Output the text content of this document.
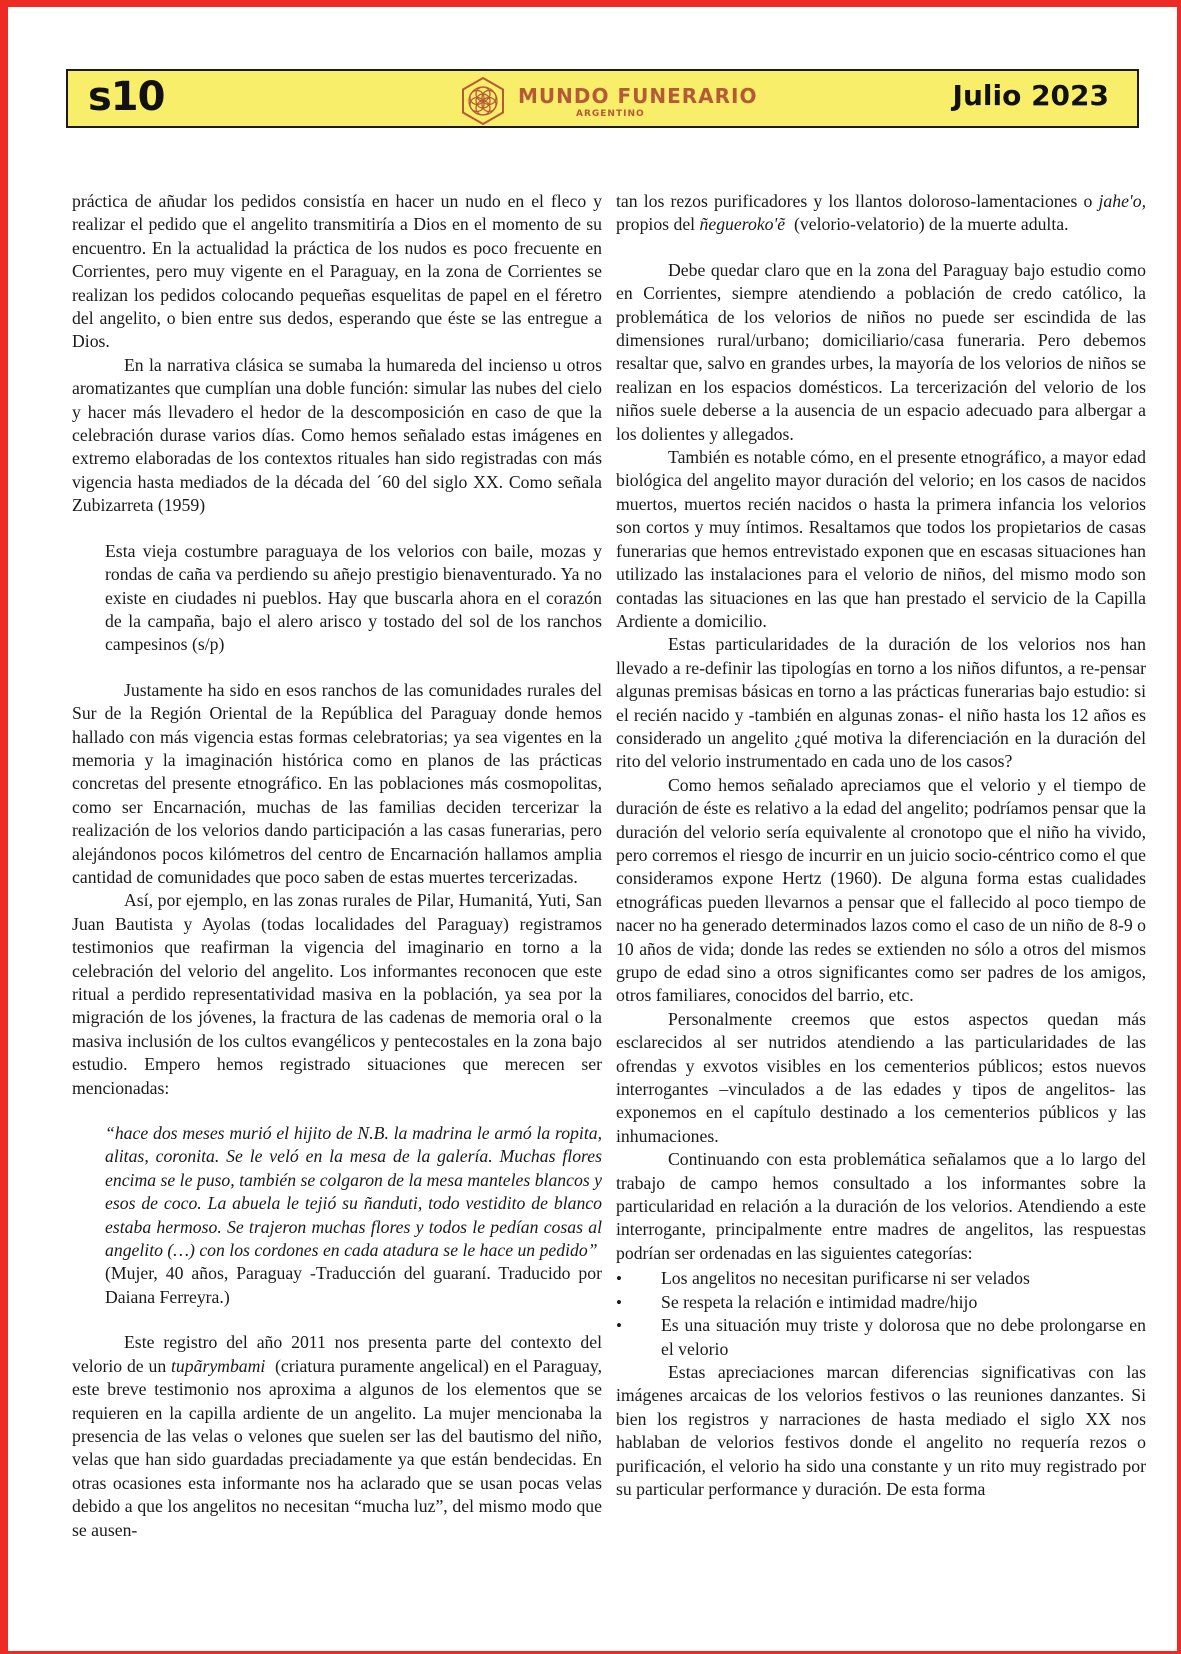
s10	MUNDO FUNERARIO
ARGENTINO
Julio 2023

práctica de añudar los pedidos consistía en hacer un nudo en el fleco y realizar el pedido que el angelito transmitiría a Dios en el momento de su encuentro. En la actualidad la práctica de los nudos es poco frecuente en Corrientes, pero muy vigente en el Paraguay, en la zona de Corrientes se realizan los pedidos colocando pequeñas esquelitas de papel en el féretro del angelito, o bien entre sus dedos, esperando que éste se las entregue a Dios.

En la narrativa clásica se sumaba la humareda del incienso u otros aromatizantes que cumplían una doble función: simular las nubes del cielo y hacer más llevadero el hedor de la descomposición en caso de que la celebración durase varios días. Como hemos señalado estas imágenes en extremo elaboradas de los contextos rituales han sido registradas con más vigencia hasta mediados de la década del ´60 del siglo XX. Como señala Zubizarreta (1959)

Esta vieja costumbre paraguaya de los velorios con baile, mozas y rondas de caña va perdiendo su añejo prestigio bienaventurado. Ya no existe en ciudades ni pueblos. Hay que buscarla ahora en el corazón de la campaña, bajo el alero arisco y tostado del sol de los ranchos campesinos (s/p)

Justamente ha sido en esos ranchos de las comunidades rurales del Sur de la Región Oriental de la República del Paraguay donde hemos hallado con más vigencia estas formas celebratorias; ya sea vigentes en la memoria y la imaginación histórica como en planos de las prácticas concretas del presente etnográfico. En las poblaciones más cosmopolitas, como ser Encarnación, muchas de las familias deciden tercerizar la realización de los velorios dando participación a las casas funerarias, pero alejándonos pocos kilómetros del centro de Encarnación hallamos amplia cantidad de comunidades que poco saben de estas muertes tercerizadas.

Así, por ejemplo, en las zonas rurales de Pilar, Humanitá, Yuti, San Juan Bautista y Ayolas (todas localidades del Paraguay) registramos testimonios que reafirman la vigencia del imaginario en torno a la celebración del velorio del angelito. Los informantes reconocen que este ritual a perdido representatividad masiva en la población, ya sea por la migración de los jóvenes, la fractura de las cadenas de memoria oral o la masiva inclusión de los cultos evangélicos y pentecostales en la zona bajo estudio. Empero hemos registrado situaciones que merecen ser mencionadas:

“hace dos meses murió el hijito de N.B. la madrina le armó la ropita, alitas, coronita. Se le veló en la mesa de la galería. Muchas flores encima se le puso, también se colgaron de la mesa manteles blancos y esos de coco. La abuela le tejió su ñanduti, todo vestidito de blanco estaba hermoso. Se trajeron muchas flores y todos le pedían cosas al angelito (…) con los cordones en cada atadura se le hace un pedido”

(Mujer, 40 años, Paraguay -Traducción del guaraní. Traducido por Daiana Ferreyra.)

Este registro del año 2011 nos presenta parte del contexto del velorio de un tupãrymbami  (criatura puramente angelical) en el Paraguay, este breve testimonio nos aproxima a algunos de los elementos que se requieren en la capilla ardiente de un angelito. La mujer mencionaba la presencia de las velas o velones que suelen ser las del bautismo del niño, velas que han sido guardadas preciadamente ya que están bendecidas. En otras ocasiones esta informante nos ha aclarado que se usan pocas velas debido a que los angelitos no necesitan “mucha luz”, del mismo modo que se ausen-

tan los rezos purificadores y los llantos doloroso-lamentaciones o jahe'o, propios del ñegueroko'ẽ  (velorio-velatorio) de la muerte adulta.

Debe quedar claro que en la zona del Paraguay bajo estudio como en Corrientes, siempre atendiendo a población de credo católico, la problemática de los velorios de niños no puede ser escindida de las dimensiones rural/urbano; domiciliario/casa funeraria. Pero debemos resaltar que, salvo en grandes urbes, la mayoría de los velorios de niños se realizan en los espacios domésticos. La tercerización del velorio de los niños suele deberse a la ausencia de un espacio adecuado para albergar a los dolientes y allegados.

También es notable cómo, en el presente etnográfico, a mayor edad biológica del angelito mayor duración del velorio; en los casos de nacidos muertos, muertos recién nacidos o hasta la primera infancia los velorios son cortos y muy íntimos. Resaltamos que todos los propietarios de casas funerarias que hemos entrevistado exponen que en escasas situaciones han utilizado las instalaciones para el velorio de niños, del mismo modo son contadas las situaciones en las que han prestado el servicio de la Capilla Ardiente a domicilio.

Estas particularidades de la duración de los velorios nos han llevado a re-definir las tipologías en torno a los niños difuntos, a re-pensar algunas premisas básicas en torno a las prácticas funerarias bajo estudio: si el recién nacido y -también en algunas zonas- el niño hasta los 12 años es considerado un angelito ¿qué motiva la diferenciación en la duración del rito del velorio instrumentado en cada uno de los casos?

Como hemos señalado apreciamos que el velorio y el tiempo de duración de éste es relativo a la edad del angelito; podríamos pensar que la duración del velorio sería equivalente al cronotopo que el niño ha vivido, pero corremos el riesgo de incurrir en un juicio socio-céntrico como el que consideramos expone Hertz (1960). De alguna forma estas cualidades etnográficas pueden llevarnos a pensar que el fallecido al poco tiempo de nacer no ha generado determinados lazos como el caso de un niño de 8-9 o 10 años de vida; donde las redes se extienden no sólo a otros del mismos grupo de edad sino a otros significantes como ser padres de los amigos, otros familiares, conocidos del barrio, etc.

Personalmente creemos que estos aspectos quedan más esclarecidos al ser nutridos atendiendo a las particularidades de las ofrendas y exvotos visibles en los cementerios públicos; estos nuevos interrogantes –vinculados a de las edades y tipos de angelitos- las exponemos en el capítulo destinado a los cementerios públicos y las inhumaciones.

Continuando con esta problemática señalamos que a lo largo del trabajo de campo hemos consultado a los informantes sobre la particularidad en relación a la duración de los velorios. Atendiendo a este interrogante, principalmente entre madres de angelitos, las respuestas podrían ser ordenadas en las siguientes categorías:

• Los angelitos no necesitan purificarse ni ser velados
• Se respeta la relación e intimidad madre/hijo
• Es una situación muy triste y dolorosa que no debe prolongarse en el velorio

Estas apreciaciones marcan diferencias significativas con las imágenes arcaicas de los velorios festivos o las reuniones danzantes. Si bien los registros y narraciones de hasta mediado el siglo XX nos hablaban de velorios festivos donde el angelito no requería rezos o purificación, el velorio ha sido una constante y un rito muy registrado por su particular performance y duración. De esta forma
